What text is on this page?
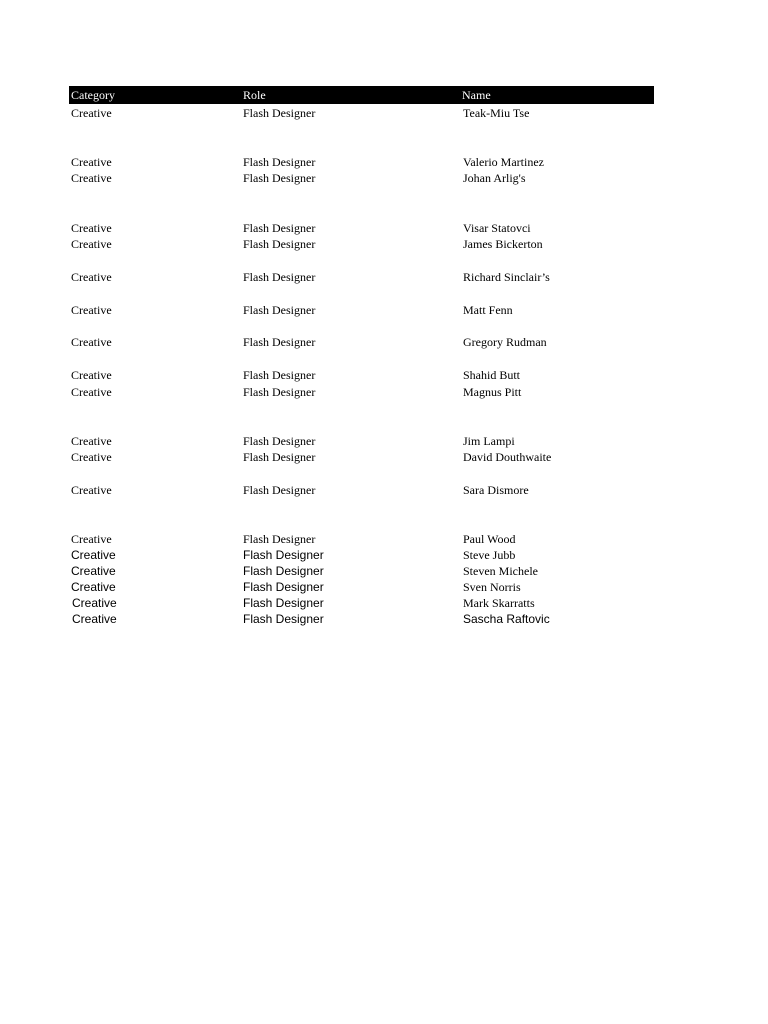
Category	Role	Name
Creative	Flash Designer	Teak-Miu Tse
Creative	Flash Designer	Valerio Martinez
Creative	Flash Designer	Johan Arlig's
Creative	Flash Designer	Visar Statovci
Creative	Flash Designer	James Bickerton
Creative	Flash Designer	Richard Sinclair’s
Creative	Flash Designer	Matt Fenn
Creative	Flash Designer	Gregory Rudman
Creative	Flash Designer	Shahid Butt
Creative	Flash Designer	Magnus Pitt
Creative	Flash Designer	Jim Lampi
Creative	Flash Designer	David Douthwaite
Creative	Flash Designer	Sara Dismore
Creative	Flash Designer	Paul Wood
Creative	Flash Designer	Steve Jubb
Creative	Flash Designer	Steven Michele
Creative	Flash Designer	Sven Norris
Creative	Flash Designer	Mark Skarratts
Creative	Flash Designer	Sascha Raftovic
